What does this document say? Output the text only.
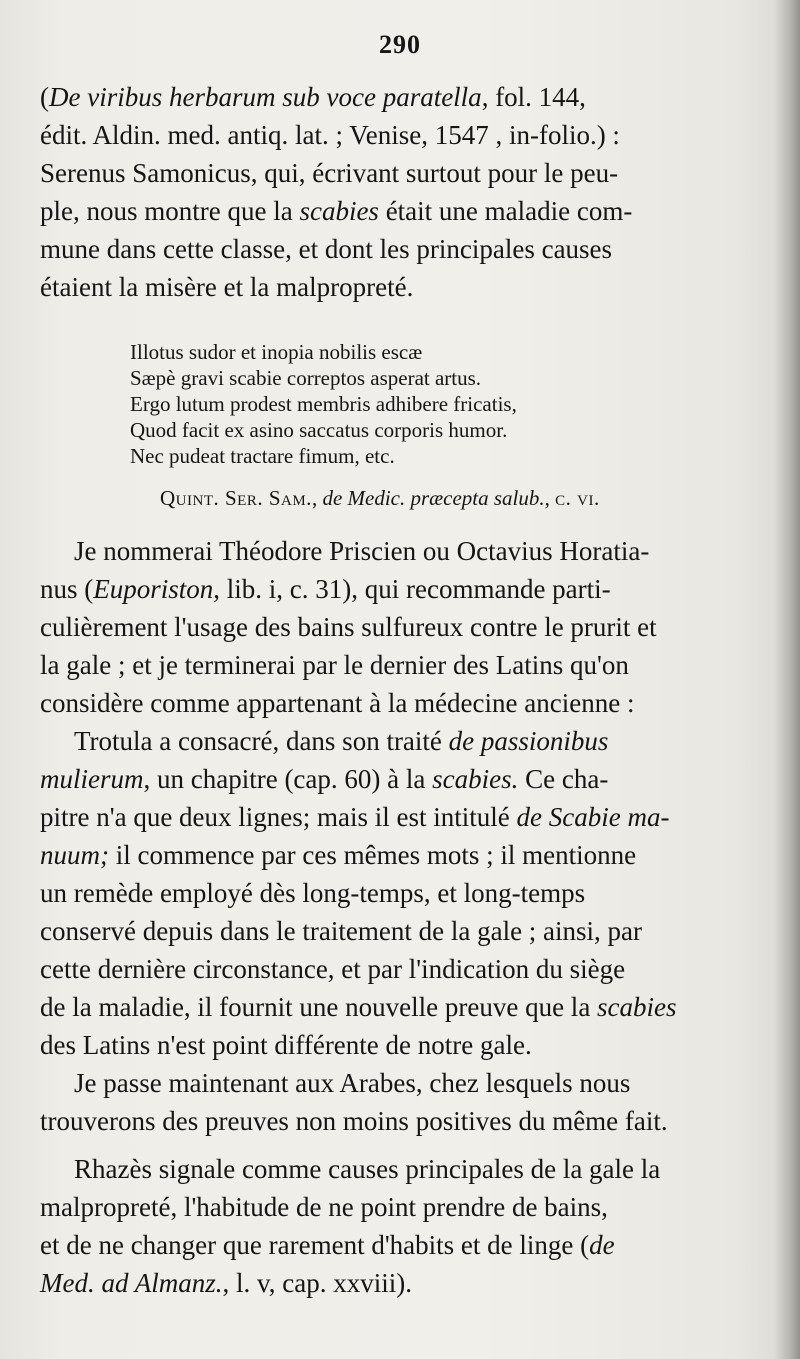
290

(De viribus herbarum sub voce paratella, fol. 144,
édit. Aldin. med. antiq. lat. ; Venise, 1547 , in-folio.) :
Serenus Samonicus, qui, écrivant surtout pour le peu-
ple, nous montre que la scabies était une maladie com-
mune dans cette classe, et dont les principales causes
étaient la misère et la malpropreté.

Illotus sudor et inopia nobilis escæ
Sæpè gravi scabie correptos asperat artus.
Ergo lutum prodest membris adhibere fricatis,
Quod facit ex asino saccatus corporis humor.
Nec pudeat tractare fimum, etc.
Quint. Ser. Sam., de Medic. præcepta salub., c. vi.

Je nommerai Théodore Priscien ou Octavius Horatia-
nus (Euporiston, lib. i, c. 31), qui recommande parti-
culièrement l'usage des bains sulfureux contre le prurit et
la gale ; et je terminerai par le dernier des Latins qu'on
considère comme appartenant à la médecine ancienne :

Trotula a consacré, dans son traité de passionibus
mulierum, un chapitre (cap. 60) à la scabies. Ce cha-
pitre n'a que deux lignes; mais il est intitulé de Scabie ma-
nuum; il commence par ces mêmes mots ; il mentionne
un remède employé dès long-temps, et long-temps
conservé depuis dans le traitement de la gale ; ainsi, par
cette dernière circonstance, et par l'indication du siège
de la maladie, il fournit une nouvelle preuve que la scabies
des Latins n'est point différente de notre gale.

Je passe maintenant aux Arabes, chez lesquels nous
trouverons des preuves non moins positives du même fait.

Rhazès signale comme causes principales de la gale la
malpropreté, l'habitude de ne point prendre de bains,
et de ne changer que rarement d'habits et de linge (de
Med. ad Almanz., l. v, cap. xxviii).
